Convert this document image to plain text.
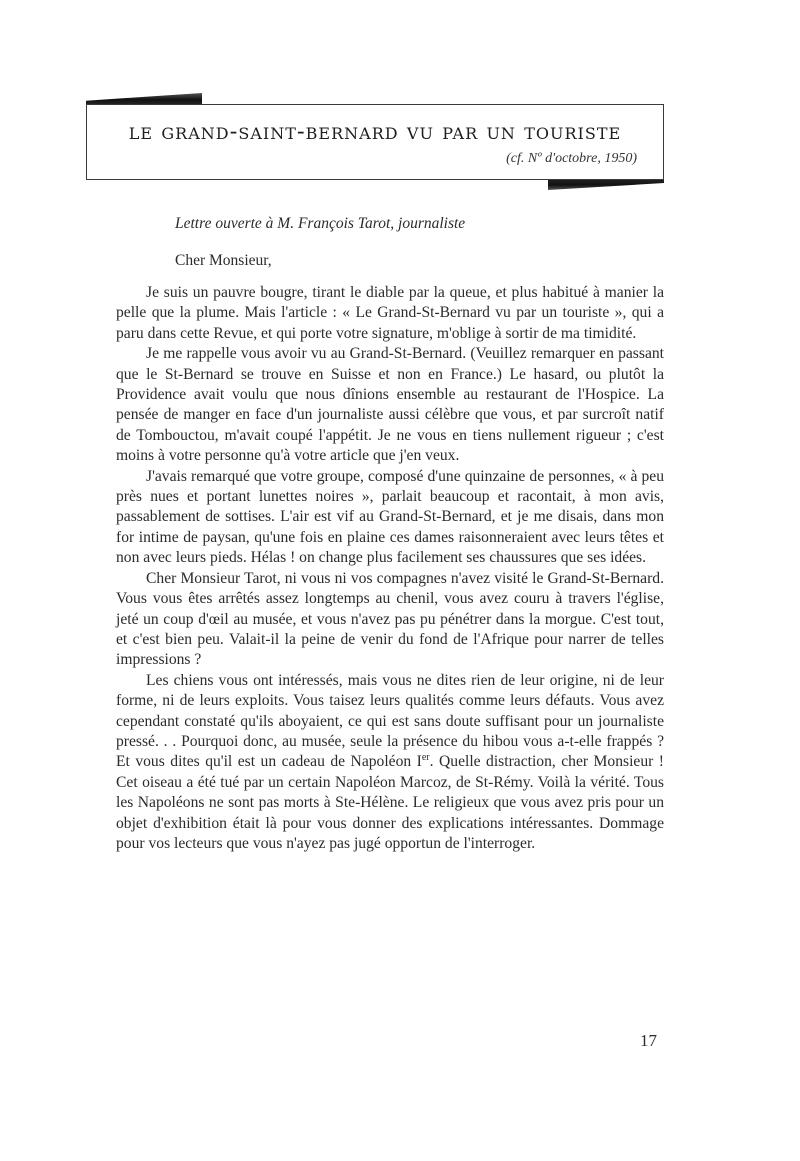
le grand-saint-bernard vu par un touriste
(cf. Nº d'octobre, 1950)
Lettre ouverte à M. François Tarot, journaliste
Cher Monsieur,

Je suis un pauvre bougre, tirant le diable par la queue, et plus habitué à manier la pelle que la plume. Mais l'article : « Le Grand-St-Bernard vu par un touriste », qui a paru dans cette Revue, et qui porte votre signature, m'oblige à sortir de ma timidité.

Je me rappelle vous avoir vu au Grand-St-Bernard. (Veuillez remarquer en passant que le St-Bernard se trouve en Suisse et non en France.) Le hasard, ou plutôt la Providence avait voulu que nous dînions ensemble au restaurant de l'Hospice. La pensée de manger en face d'un journaliste aussi célèbre que vous, et par surcroît natif de Tombouctou, m'avait coupé l'appétit. Je ne vous en tiens nullement rigueur ; c'est moins à votre personne qu'à votre article que j'en veux.

J'avais remarqué que votre groupe, composé d'une quinzaine de personnes, « à peu près nues et portant lunettes noires », parlait beaucoup et racontait, à mon avis, passablement de sottises. L'air est vif au Grand-St-Bernard, et je me disais, dans mon for intime de paysan, qu'une fois en plaine ces dames raisonneraient avec leurs têtes et non avec leurs pieds. Hélas ! on change plus facilement ses chaussures que ses idées.

Cher Monsieur Tarot, ni vous ni vos compagnes n'avez visité le Grand-St-Bernard. Vous vous êtes arrêtés assez longtemps au chenil, vous avez couru à travers l'église, jeté un coup d'œil au musée, et vous n'avez pas pu pénétrer dans la morgue. C'est tout, et c'est bien peu. Valait-il la peine de venir du fond de l'Afrique pour narrer de telles impressions ?

Les chiens vous ont intéressés, mais vous ne dites rien de leur origine, ni de leur forme, ni de leurs exploits. Vous taisez leurs qualités comme leurs défauts. Vous avez cependant constaté qu'ils aboyaient, ce qui est sans doute suffisant pour un journaliste pressé. . . Pourquoi donc, au musée, seule la présence du hibou vous a-t-elle frappés ? Et vous dites qu'il est un cadeau de Napoléon Ier. Quelle distraction, cher Monsieur ! Cet oiseau a été tué par un certain Napoléon Marcoz, de St-Rémy. Voilà la vérité. Tous les Napoléons ne sont pas morts à Ste-Hélène. Le religieux que vous avez pris pour un objet d'exhibition était là pour vous donner des explications intéressantes. Dommage pour vos lecteurs que vous n'ayez pas jugé opportun de l'interroger.

17
